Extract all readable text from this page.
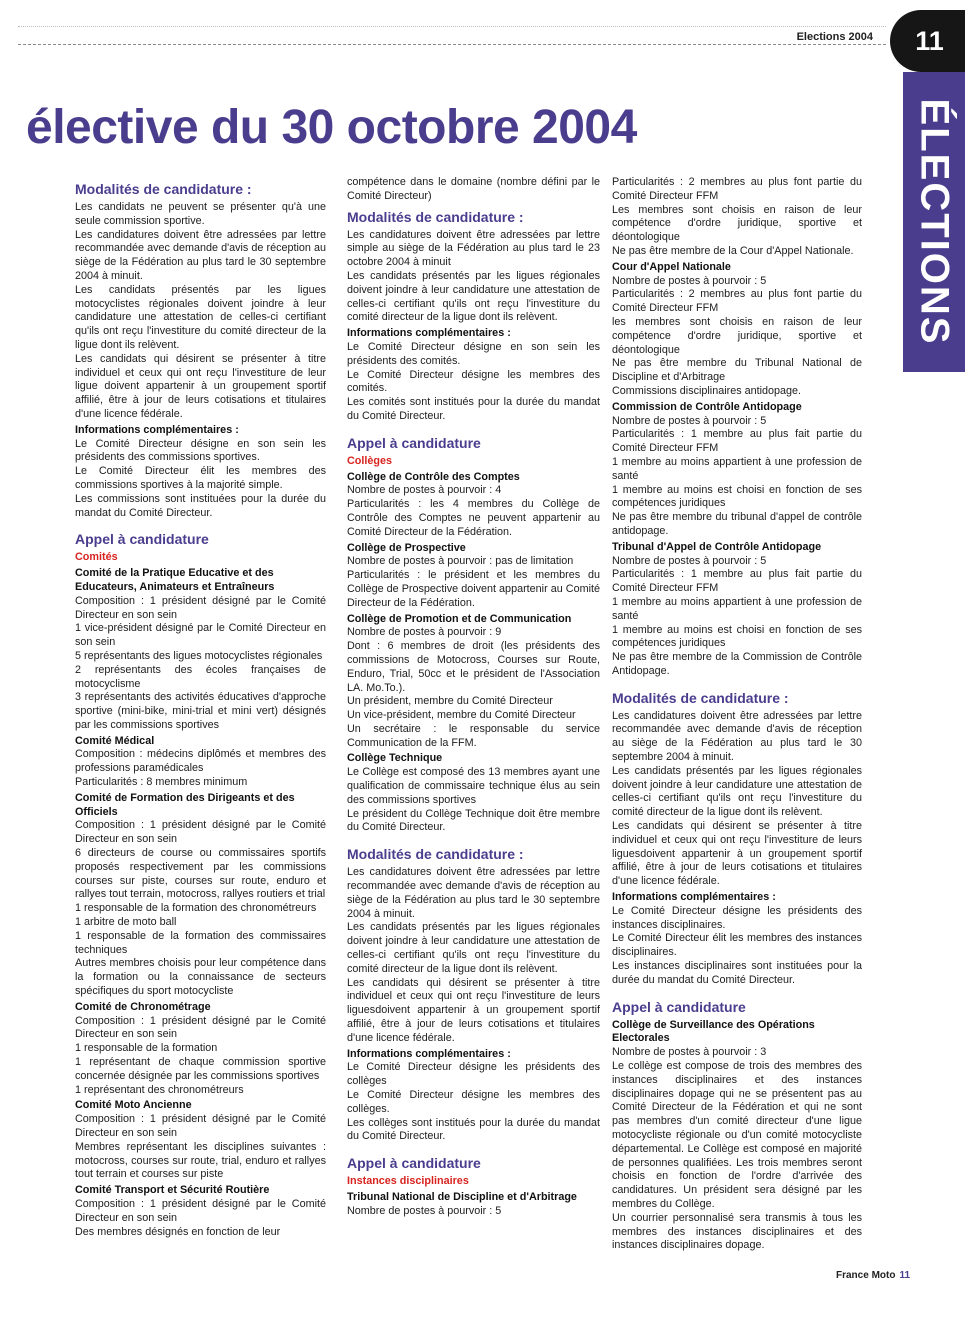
Elections 2004	11
ÉLECTIONS
élective du 30 octobre 2004
Modalités de candidature :

Les candidats ne peuvent se présenter qu'à une seule commission sportive.

Les candidatures doivent être adressées par lettre recommandée avec demande d'avis de réception au siège de la Fédération au plus tard le 30 septembre 2004 à minuit.

Les candidats présentés par les ligues motocyclistes régionales doivent joindre à leur candidature une attestation de celles-ci certifiant qu'ils ont reçu l'investiture du comité directeur de la ligue dont ils relèvent.

Les candidats qui désirent se présenter à titre individuel et ceux qui ont reçu l'investiture de leur ligue doivent appartenir à un groupement sportif affilié, être à jour de leurs cotisations et titulaires d'une licence fédérale.

Informations complémentaires :

Le Comité Directeur désigne en son sein les présidents des commissions sportives.

Le Comité Directeur élit les membres des commissions sportives à la majorité simple.

Les commissions sont instituées pour la durée du mandat du Comité Directeur.

Appel à candidature

Comités

Comité de la Pratique Educative et des Educateurs, Animateurs et Entraîneurs

Composition : 1 président désigné par le Comité Directeur en son sein

1 vice-président désigné par le Comité Directeur en son sein

5 représentants des ligues motocyclistes régionales

2 représentants des écoles françaises de motocyclisme

3 représentants des activités éducatives d'approche sportive (mini-bike, mini-trial et mini vert) désignés par les commissions sportives

Comité Médical

Composition : médecins diplômés et membres des professions paramédicales

Particularités : 8 membres minimum

Comité de Formation des Dirigeants et des Officiels

Composition : 1 président désigné par le Comité Directeur en son sein

6 directeurs de course ou commissaires sportifs proposés respectivement par les commissions courses sur piste, courses sur route, enduro et rallyes tout terrain, motocross, rallyes routiers et trial

1 responsable de la formation des chronométreurs

1 arbitre de moto ball

1 responsable de la formation des commissaires techniques

Autres membres choisis pour leur compétence dans la formation ou la connaissance de secteurs spécifiques du sport motocycliste

Comité de Chronométrage

Composition : 1 président désigné par le Comité Directeur en son sein

1 responsable de la formation

1 représentant de chaque commission sportive concernée désignée par les commissions sportives

1 représentant des chronométreurs

Comité Moto Ancienne

Composition : 1 président désigné par le Comité Directeur en son sein

Membres représentant les disciplines suivantes : motocross, courses sur route, trial, enduro et rallyes tout terrain et courses sur piste

Comité Transport et Sécurité Routière

Composition : 1 président désigné par le Comité Directeur en son sein

Des membres désignés en fonction de leur

compétence dans le domaine (nombre défini par le Comité Directeur)

Modalités de candidature :

Les candidatures doivent être adressées par lettre simple au siège de la Fédération au plus tard le 23 octobre 2004 à minuit

Les candidats présentés par les ligues régionales doivent joindre à leur candidature une attestation de celles-ci certifiant qu'ils ont reçu l'investiture du comité directeur de la ligue dont ils relèvent.

Informations complémentaires :

Le Comité Directeur désigne en son sein les présidents des comités.

Le Comité Directeur désigne les membres des comités.

Les comités sont institués pour la durée du mandat du Comité Directeur.

Appel à candidature

Collèges

Collège de Contrôle des Comptes

Nombre de postes à pourvoir : 4

Particularités : les 4 membres du Collège de Contrôle des Comptes ne peuvent appartenir au Comité Directeur de la Fédération.

Collège de Prospective

Nombre de postes à pourvoir : pas de limitation

Particularités : le président et les membres du Collège de Prospective doivent appartenir au Comité Directeur de la Fédération.

Collège de Promotion et de Communication

Nombre de postes à pourvoir : 9

Dont : 6 membres de droit (les présidents des commissions de Motocross, Courses sur Route, Enduro, Trial, 50cc et le président de l'Association LA. Mo.To.).

Un président, membre du Comité Directeur

Un vice-président, membre du Comité Directeur

Un secrétaire : le responsable du service Communication de la FFM.

Collège Technique

Le Collège est composé des 13 membres ayant une qualification de commissaire technique élus au sein des commissions sportives

Le président du Collège Technique doit être membre du Comité Directeur.

Modalités de candidature :

Les candidatures doivent être adressées par lettre recommandée avec demande d'avis de réception au siège de la Fédération au plus tard le 30 septembre 2004 à minuit.

Les candidats présentés par les ligues régionales doivent joindre à leur candidature une attestation de celles-ci certifiant qu'ils ont reçu l'investiture du comité directeur de la ligue dont ils relèvent.

Les candidats qui désirent se présenter à titre individuel et ceux qui ont reçu l'investiture de leurs liguesdoivent appartenir à un groupement sportif affilié, être à jour de leurs cotisations et titulaires d'une licence fédérale.

Informations complémentaires :

Le Comité Directeur désigne les présidents des collèges

Le Comité Directeur désigne les membres des collèges.

Les collèges sont institués pour la durée du mandat du Comité Directeur.

Appel à candidature

Instances disciplinaires

Tribunal National de Discipline et d'Arbitrage

Nombre de postes à pourvoir : 5

Particularités : 2 membres au plus font partie du Comité Directeur FFM

Les membres sont choisis en raison de leur compétence d'ordre juridique, sportive et déontologique

Ne pas être membre de la Cour d'Appel Nationale.

Cour d'Appel Nationale

Nombre de postes à pourvoir : 5

Particularités : 2 membres au plus font partie du Comité Directeur FFM

les membres sont choisis en raison de leur compétence d'ordre juridique, sportive et déontologique

Ne pas être membre du Tribunal National de Discipline et d'Arbitrage

Commissions disciplinaires antidopage.

Commission de Contrôle Antidopage

Nombre de postes à pourvoir : 5

Particularités : 1 membre au plus fait partie du Comité Directeur FFM

1 membre au moins appartient à une profession de santé

1 membre au moins est choisi en fonction de ses compétences juridiques

Ne pas être membre du tribunal d'appel de contrôle antidopage.

Tribunal d'Appel de Contrôle Antidopage

Nombre de postes à pourvoir : 5

Particularités : 1 membre au plus fait partie du Comité Directeur FFM

1 membre au moins appartient à une profession de santé

1 membre au moins est choisi en fonction de ses compétences juridiques

Ne pas être membre de la Commission de Contrôle Antidopage.

Modalités de candidature :

Les candidatures doivent être adressées par lettre recommandée avec demande d'avis de réception au siège de la Fédération au plus tard le 30 septembre 2004 à minuit.

Les candidats présentés par les ligues régionales doivent joindre à leur candidature une attestation de celles-ci certifiant qu'ils ont reçu l'investiture du comité directeur de la ligue dont ils relèvent.

Les candidats qui désirent se présenter à titre individuel et ceux qui ont reçu l'investiture de leurs liguesdoivent appartenir à un groupement sportif affilié, être à jour de leurs cotisations et titulaires d'une licence fédérale.

Informations complémentaires :

Le Comité Directeur désigne les présidents des instances disciplinaires.

Le Comité Directeur élit les membres des instances disciplinaires.

Les instances disciplinaires sont instituées pour la durée du mandat du Comité Directeur.

Appel à candidature
Collège de Surveillance des Opérations Electorales

Nombre de postes à pourvoir : 3

Le collège est compose de trois des membres des instances disciplinaires et des instances disciplinaires dopage qui ne se présentent pas au Comité Directeur de la Fédération et qui ne sont pas membres d'un comité directeur d'une ligue motocycliste régionale ou d'un comité motocycliste départemental. Le Collège est composé en majorité de personnes qualifiées. Les trois membres seront choisis en fonction de l'ordre d'arrivée des candidatures. Un président sera désigné par les membres du Collège.

Un courrier personnalisé sera transmis à tous les membres des instances disciplinaires et des instances disciplinaires dopage.

France Moto 11
